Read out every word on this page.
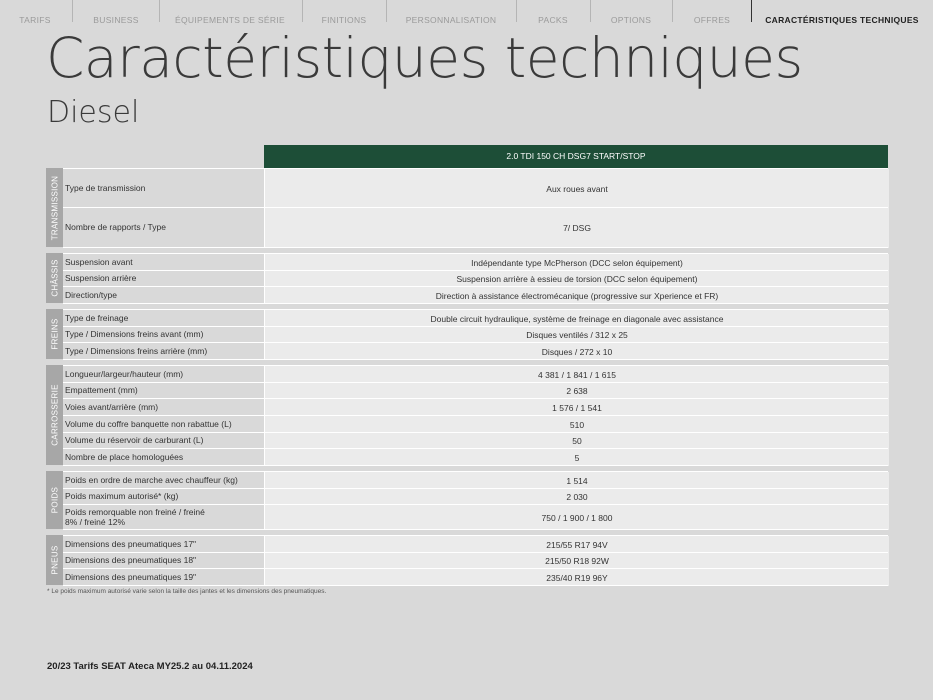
TARIFS	BUSINESS	ÉQUIPEMENTS DE SÉRIE	FINITIONS	PERSONNALISATION	PACKS	OPTIONS	OFFRES	CARACTÉRISTIQUES TECHNIQUES
Caractéristiques techniques
Diesel
2.0 TDI 150 CH DSG7 START/STOP
TRANSMISSION Type de transmission	Aux roues avant
Nombre de rapports / Type	7/ DSG
CHÂSSIS Suspension avant	Indépendante type McPherson (DCC selon équipement)
Suspension arrière	Suspension arrière à essieu de torsion (DCC selon équipement)
Direction/type	Direction à assistance électromécanique (progressive sur Xperience et FR)
FREINS
Type de freinage	Double circuit hydraulique, système de freinage en diagonale avec assistance
Type / Dimensions freins avant (mm)	Disques ventilés / 312 x 25
Type / Dimensions freins arrière (mm)	Disques / 272 x 10
CARROSSERIE
Longueur/largeur/hauteur (mm)	4 381 / 1 841 / 1 615
Empattement (mm)	2 638
Voies avant/arrière (mm)	1 576 / 1 541
Volume du coffre banquette non rabattue (L)	510
Volume du réservoir de carburant (L)	50
Nombre de place homologuées	5
POIDS
Poids en ordre de marche avec chauffeur (kg)	1 514
Poids maximum autorisé* (kg)	2 030
Poids remorquable non freiné / freiné 8% / freiné 12%	750 / 1 900 / 1 800
PNEUS
Dimensions des pneumatiques 17"	215/55 R17 94V
Dimensions des pneumatiques 18"	215/50 R18 92W
Dimensions des pneumatiques 19"	235/40 R19 96Y
* Le poids maximum autorisé varie selon la taille des jantes et les dimensions des pneumatiques.
20/23 Tarifs SEAT Ateca MY25.2 au 04.11.2024
